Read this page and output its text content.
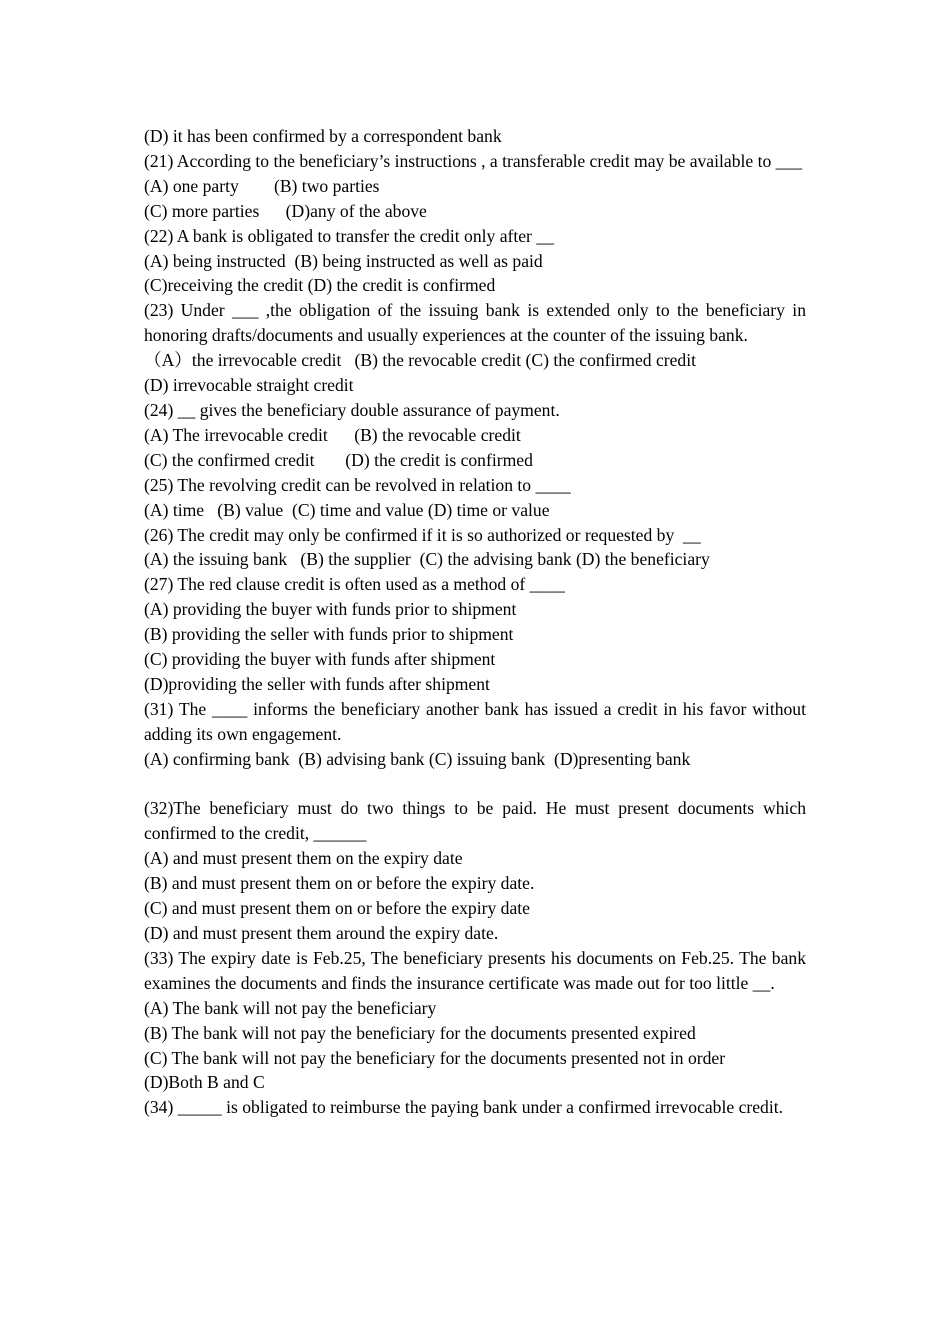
(D) it has been confirmed by a correspondent bank
(21) According to the beneficiary’s instructions , a transferable credit may be available to ___
(A) one party        (B) two parties
(C) more parties      (D)any of the above
(22) A bank is obligated to transfer the credit only after __
(A) being instructed  (B) being instructed as well as paid
(C)receiving the credit (D) the credit is confirmed
(23) Under ___ ,the obligation of the issuing bank is extended only to the beneficiary in honoring drafts/documents and usually experiences at the counter of the issuing bank.
（A）the irrevocable credit   (B) the revocable credit (C) the confirmed credit
(D) irrevocable straight credit
(24) __ gives the beneficiary double assurance of payment.
(A) The irrevocable credit      (B) the revocable credit
(C) the confirmed credit       (D) the credit is confirmed
(25) The revolving credit can be revolved in relation to ____
(A) time   (B) value  (C) time and value (D) time or value
(26) The credit may only be confirmed if it is so authorized or requested by  __
(A) the issuing bank   (B) the supplier  (C) the advising bank (D) the beneficiary
(27) The red clause credit is often used as a method of ____
(A) providing the buyer with funds prior to shipment
(B) providing the seller with funds prior to shipment
(C) providing the buyer with funds after shipment
(D)providing the seller with funds after shipment
(31) The ____ informs the beneficiary another bank has issued a credit in his favor without adding its own engagement.
(A) confirming bank  (B) advising bank (C) issuing bank  (D)presenting bank
(32)The beneficiary must do two things to be paid. He must present documents which confirmed to the credit, ______
(A) and must present them on the expiry date
(B) and must present them on or before the expiry date.
(C) and must present them on or before the expiry date
(D) and must present them around the expiry date.
(33) The expiry date is Feb.25, The beneficiary presents his documents on Feb.25. The bank examines the documents and finds the insurance certificate was made out for too little __.
(A) The bank will not pay the beneficiary
(B) The bank will not pay the beneficiary for the documents presented expired
(C) The bank will not pay the beneficiary for the documents presented not in order
(D)Both B and C
(34) _____ is obligated to reimburse the paying bank under a confirmed irrevocable credit.
